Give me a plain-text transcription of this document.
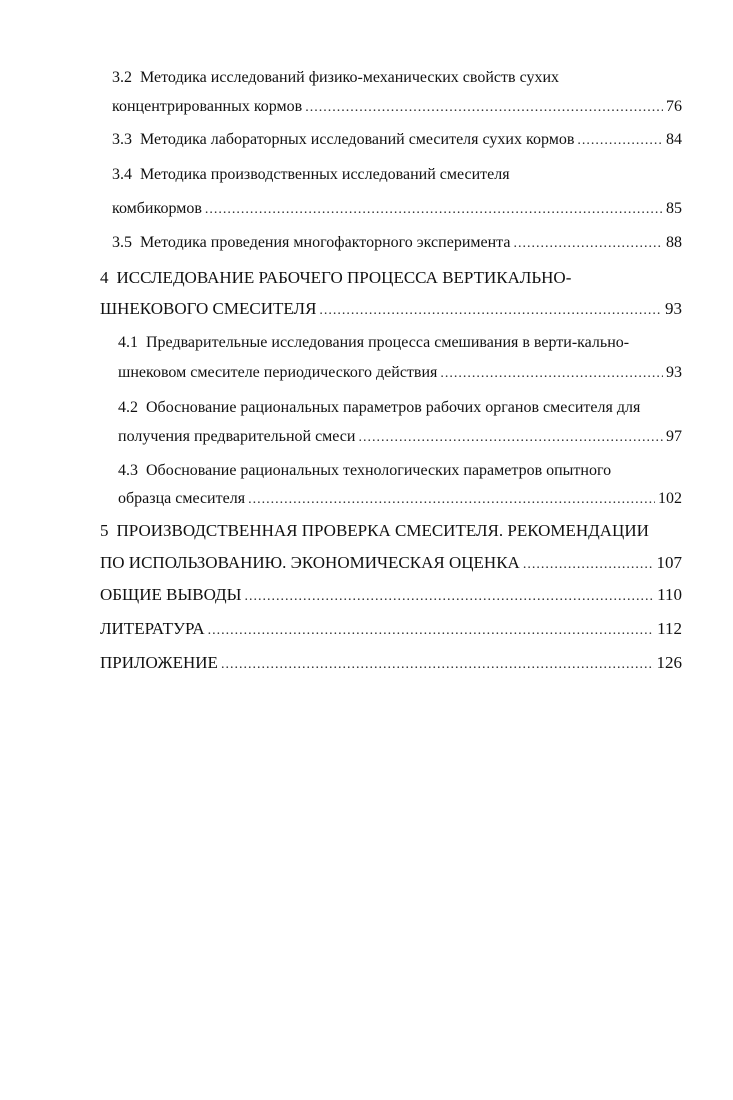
3.2 Методика исследований физико-механических свойств сухих
концентрированных кормов .....	76
3.3 Методика лабораторных исследований смесителя сухих кормов .....	84
3.4 Методика производственных исследований смесителя
комбикормов .....	85
3.5 Методика проведения многофакторного эксперимента .....	88
4 ИССЛЕДОВАНИЕ РАБОЧЕГО ПРОЦЕССА ВЕРТИКАЛЬНО-
ШНЕКОВОГО СМЕСИТЕЛЯ .....	93
4.1 Предварительные исследования процесса смешивания в верти-кально-
шнековом смесителе периодического действия .....	93
4.2 Обоснование рациональных параметров рабочих органов смесителя для
получения предварительной смеси .....	97
4.3 Обоснование рациональных технологических параметров опытного
образца смесителя .....	102
5 ПРОИЗВОДСТВЕННАЯ ПРОВЕРКА СМЕСИТЕЛЯ. РЕКОМЕНДАЦИИ
ПО ИСПОЛЬЗОВАНИЮ. ЭКОНОМИЧЕСКАЯ ОЦЕНКА .....	107
ОБЩИЕ ВЫВОДЫ .....	110
ЛИТЕРАТУРА .....	112
ПРИЛОЖЕНИЕ .....	126
